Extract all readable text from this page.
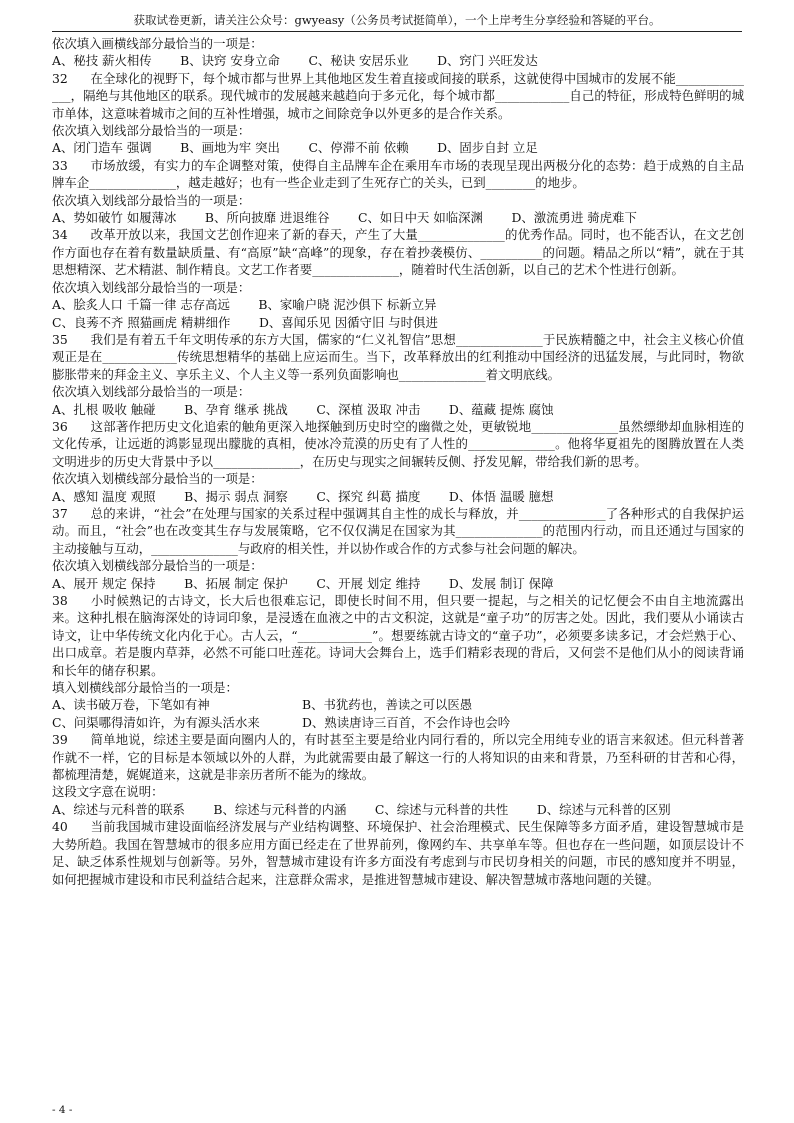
获取试卷更新，请关注公众号：gwyeasy（公务员考试挺简单），一个上岸考生分享经验和答疑的平台。

依次填入画横线部分最恰当的一项是：

A、秘技 薪火相传 B、诀窍 安身立命 C、秘诀 安居乐业 D、窍门 兴旺发达

32 在全球化的视野下，每个城市都与世界上其他地区发生着直接或间接的联系，这就使得中国城市的发展不能______________，隔绝与其他地区的联系。现代城市的发展越来越趋向于多元化，每个城市都____________自己的特征，形成特色鲜明的城市单体，这意味着城市之间的互补性增强，城市之间除竞争以外更多的是合作关系。

依次填入划线部分最恰当的一项是：

A、闭门造车 强调 B、画地为牢 突出 C、停滞不前 依赖 D、固步自封 立足

33 市场放缓，有实力的车企调整对策，使得自主品牌车企在乘用车市场的表现呈现出两极分化的态势：趋于成熟的自主品牌车企______________，越走越好；也有一些企业走到了生死存亡的关头，已到________的地步。

依次填入划线部分最恰当的一项是：

A、势如破竹 如履薄冰 B、所向披靡 进退维谷 C、如日中天 如临深渊 D、激流勇进 骑虎难下

34 改革开放以来，我国文艺创作迎来了新的春天，产生了大量______________的优秀作品。同时，也不能否认，在文艺创作方面也存在着有数量缺质量、有“高原”缺“高峰”的现象，存在着抄袭模仿、__________的问题。精品之所以“精”，就在于其思想精深、艺术精湛、制作精良。文艺工作者要______________，随着时代生活创新，以自己的艺术个性进行创新。

依次填入划线部分最恰当的一项是：

A、脍炙人口 千篇一律 志存高远 B、家喻户晓 泥沙俱下 标新立异

C、良莠不齐 照猫画虎 精耕细作 D、喜闻乐见 因循守旧 与时俱进

35 我们是有着五千年文明传承的东方大国，儒家的“仁义礼智信”思想______________于民族精髓之中，社会主义核心价值观正是在____________传统思想精华的基础上应运而生。当下，改革释放出的红利推动中国经济的迅猛发展，与此同时，物欲膨胀带来的拜金主义、享乐主义、个人主义等一系列负面影响也______________着文明底线。

依次填入划线部分最恰当的一项是：

A、扎根 吸收 触碰 B、孕育 继承 挑战 C、深植 汲取 冲击 D、蕴藏 提炼 腐蚀

36 这部著作把历史文化追索的触角更深入地探触到历史时空的幽微之处，更敏锐地______________虽然缥缈却血脉相连的文化传承，让远逝的鸿影显现出朦胧的真相，使冰冷荒漠的历史有了人性的______________。他将华夏祖先的图腾放置在人类文明进步的历史大背景中予以______________，在历史与现实之间辗转反侧、抒发见解，带给我们新的思考。

依次填入划横线部分最恰当的一项是：

A、感知 温度 观照 B、揭示 弱点 洞察 C、探究 纠葛 描度 D、体悟 温暖 臆想

37 总的来讲，“社会”在处理与国家的关系过程中强调其自主性的成长与释放，并______________了各种形式的自我保护运动。而且，“社会”也在改变其生存与发展策略，它不仅仅满足在国家为其______________的范围内行动，而且还通过与国家的主动接触与互动，______________与政府的相关性，并以协作或合作的方式参与社会问题的解决。

依次填入划横线部分最恰当的一项是：

A、展开 规定 保持 B、拓展 制定 保护 C、开展 划定 维持 D、发展 制订 保障

38 小时候熟记的古诗文，长大后也很难忘记，即使长时间不用，但只要一提起，与之相关的记忆便会不由自主地流露出来。这种扎根在脑海深处的诗词印象，是浸透在血液之中的古文积淀，这就是“童子功”的厉害之处。因此，我们要从小诵读古诗文，让中华传统文化内化于心。古人云，“____________”。想要练就古诗文的“童子功”，必须要多读多记，才会烂熟于心、出口成章。若是腹内草莽，必然不可能口吐莲花。诗词大会舞台上，选手们精彩表现的背后，又何尝不是他们从小的阅读背诵和长年的储存积累。

填入划横线部分最恰当的一项是：

A、读书破万卷，下笔如有神	B、书犹药也，善读之可以医愚

C、问渠哪得清如许，为有源头活水来	D、熟读唐诗三百首，不会作诗也会吟

39 简单地说，综述主要是面向圈内人的，有时甚至主要是给业内同行看的，所以完全用纯专业的语言来叙述。但元科普著作就不一样，它的目标是本领域以外的人群，为此就需要由最了解这一行的人将知识的由来和背景，乃至科研的甘苦和心得，都梳理清楚，娓娓道来，这就是非亲历者所不能为的缘故。

这段文字意在说明：

A、综述与元科普的联系 B、综述与元科普的内涵 C、综述与元科普的共性 D、综述与元科普的区别

40 当前我国城市建设面临经济发展与产业结构调整、环境保护、社会治理模式、民生保障等多方面矛盾，建设智慧城市是大势所趋。我国在智慧城市的很多应用方面已经走在了世界前列，像网约车、共享单车等。但也存在一些问题，如顶层设计不足、缺乏体系性规划与创新等。另外，智慧城市建设有许多方面没有考虑到与市民切身相关的问题，市民的感知度并不明显，如何把握城市建设和市民利益结合起来，注意群众需求，是推进智慧城市建设、解决智慧城市落地问题的关键。

- 4 -
